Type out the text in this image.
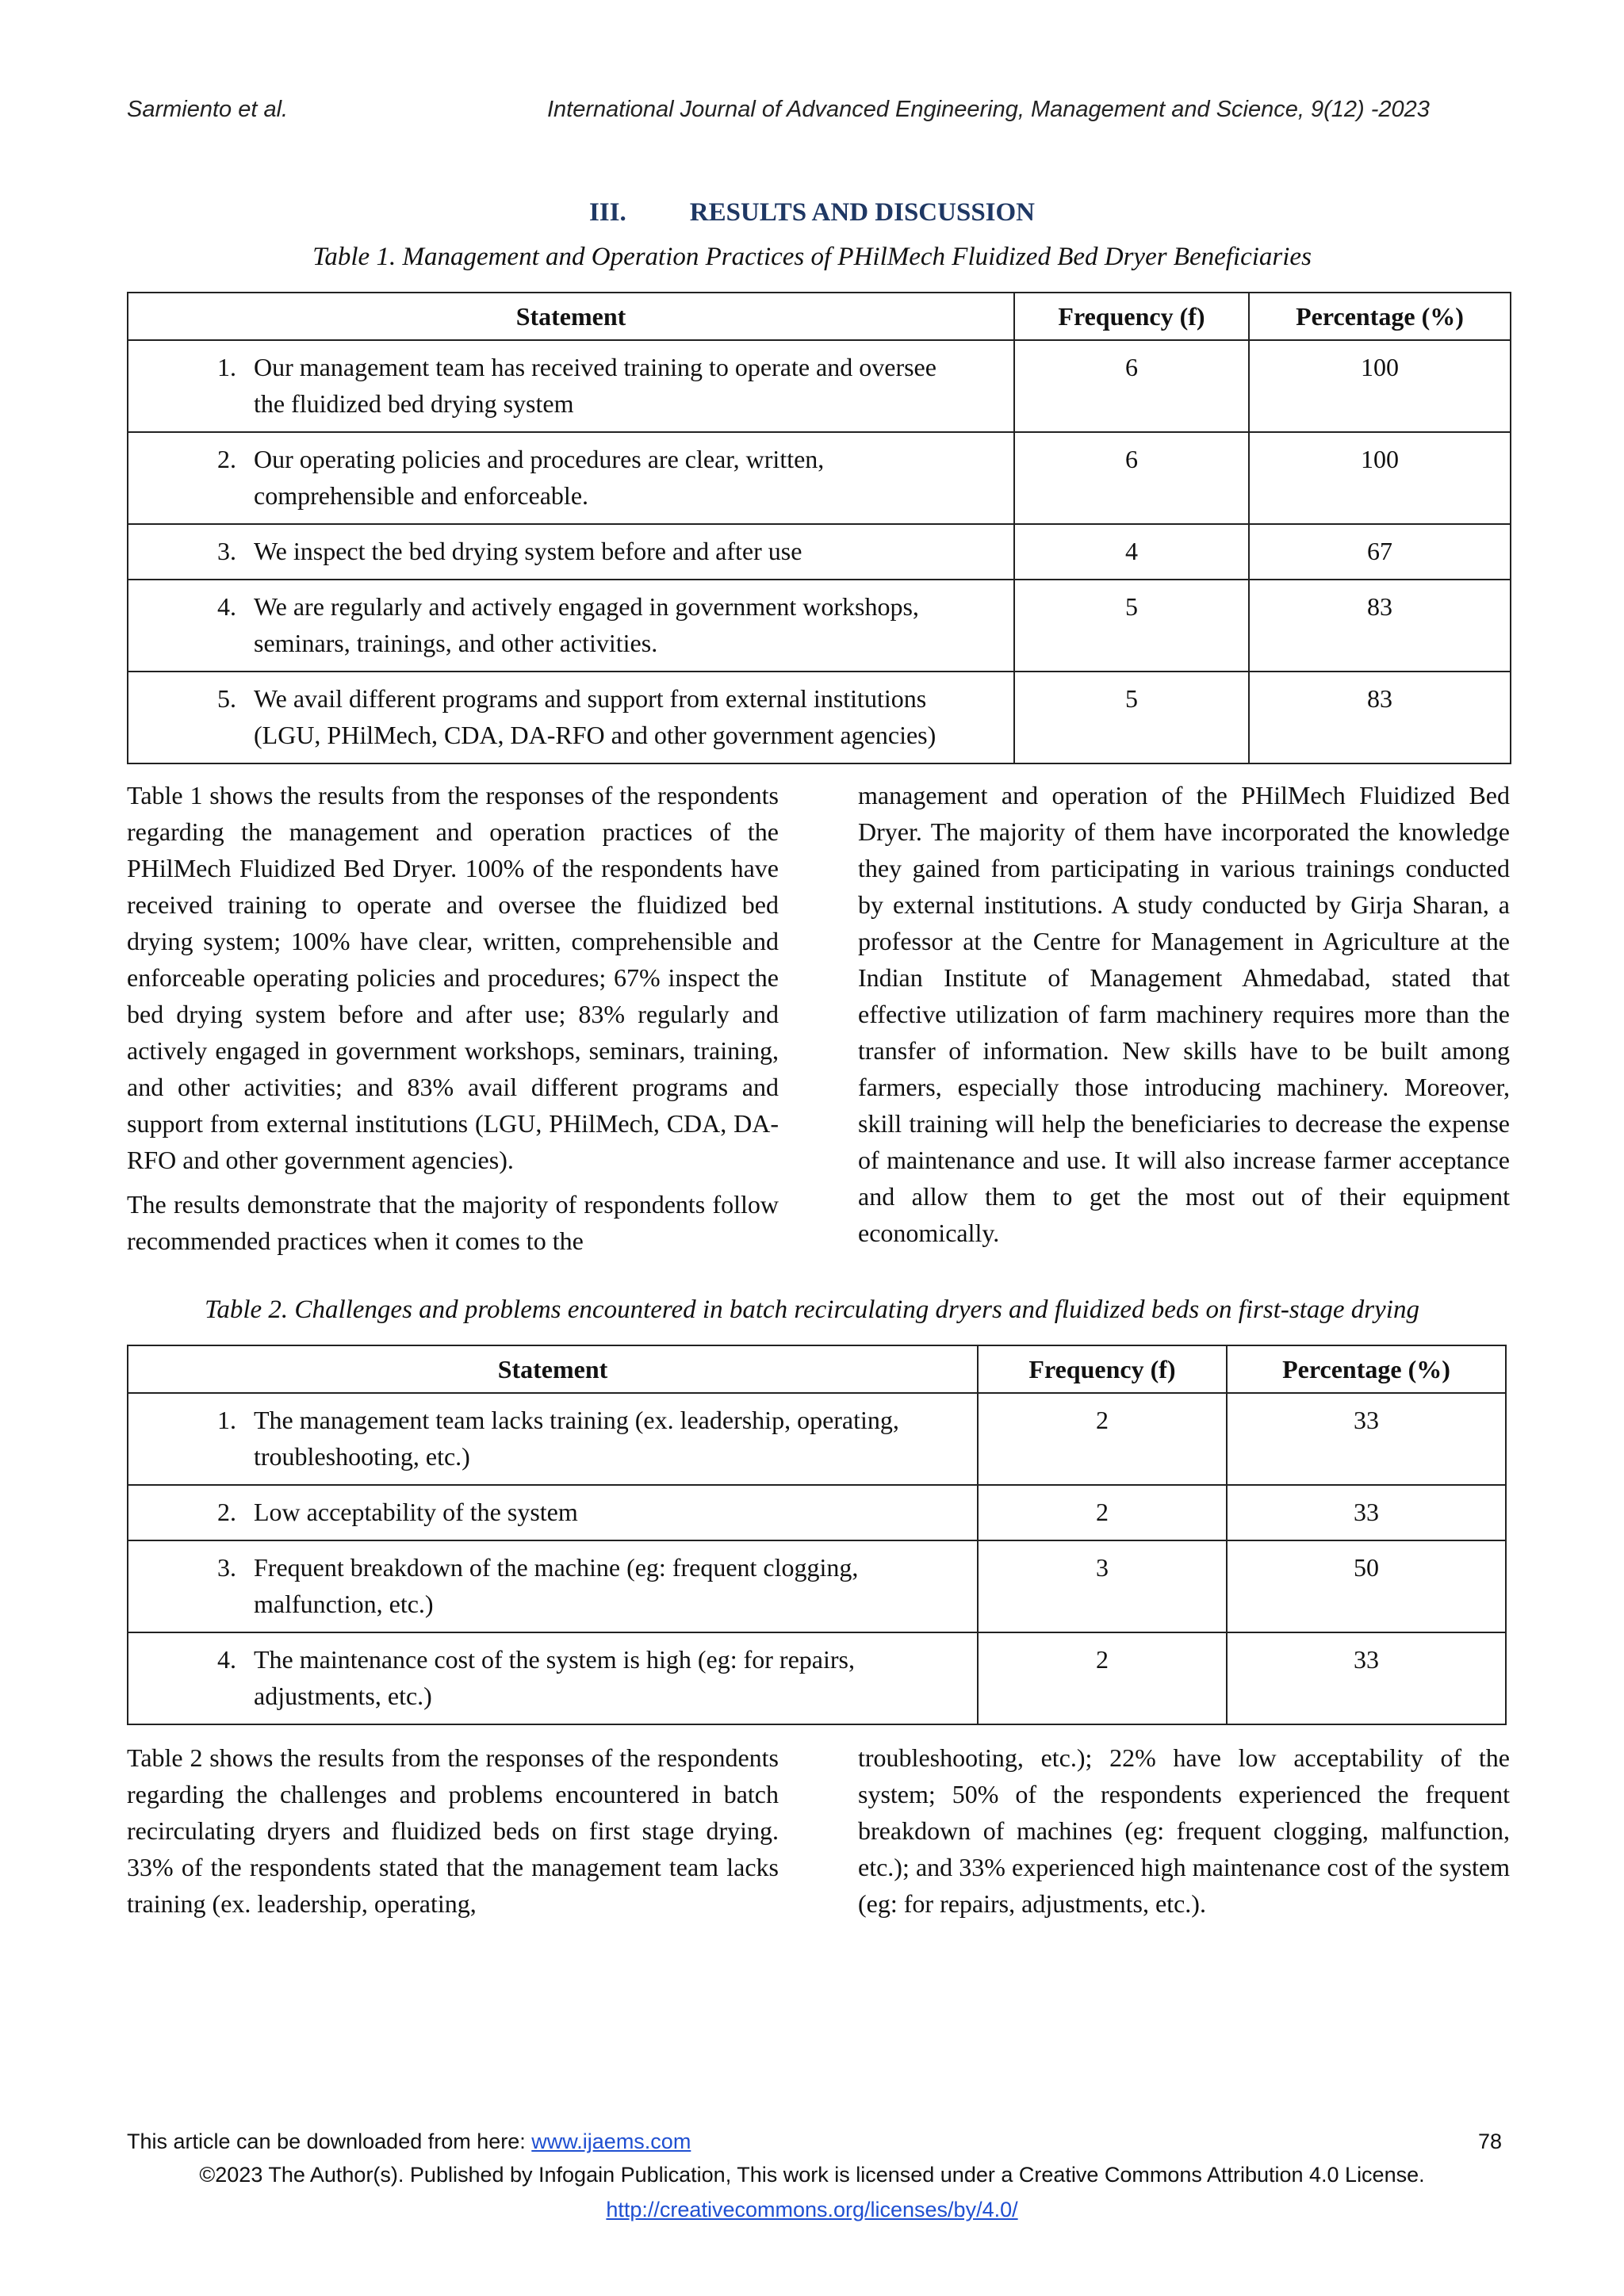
Sarmiento et al.	International Journal of Advanced Engineering, Management and Science, 9(12) -2023
III. RESULTS AND DISCUSSION
Table 1. Management and Operation Practices of PHilMech Fluidized Bed Dryer Beneficiaries
Statement	Frequency (f)	Percentage (%)

1. Our management team has received training to operate and oversee
the fluidized bed drying system	6	100

2. Our operating policies and procedures are clear, written,
comprehensible and enforceable.	6	100

3. We inspect the bed drying system before and after use	4	67

4. We are regularly and actively engaged in government workshops,
seminars, trainings, and other activities.	5	83

5. We avail different programs and support from external institutions
(LGU, PHilMech, CDA, DA-RFO and other government agencies)	5	83

Table 1 shows the results from the responses of the respondents regarding the management and operation practices of the PHilMech Fluidized Bed Dryer. 100% of the respondents have received training to operate and oversee the fluidized bed drying system; 100% have clear, written, comprehensible and enforceable operating policies and procedures; 67% inspect the bed drying system before and after use; 83% regularly and actively engaged in government workshops, seminars, training, and other activities; and 83% avail different programs and support from external institutions (LGU, PHilMech, CDA, DA-RFO and other government agencies).

The results demonstrate that the majority of respondents follow recommended practices when it comes to the

management and operation of the PHilMech Fluidized Bed Dryer. The majority of them have incorporated the knowledge they gained from participating in various trainings conducted by external institutions. A study conducted by Girja Sharan, a professor at the Centre for Management in Agriculture at the Indian Institute of Management Ahmedabad, stated that effective utilization of farm machinery requires more than the transfer of information. New skills have to be built among farmers, especially those introducing machinery. Moreover, skill training will help the beneficiaries to decrease the expense of maintenance and use. It will also increase farmer acceptance and allow them to get the most out of their equipment economically.

Table 2. Challenges and problems encountered in batch recirculating dryers and fluidized beds on first-stage drying
Statement	Frequency (f)	Percentage (%)

1. The management team lacks training (ex. leadership, operating,
troubleshooting, etc.)	2	33

2. Low acceptability of the system	2	33

3. Frequent breakdown of the machine (eg: frequent clogging,
malfunction, etc.)	3	50

4. The maintenance cost of the system is high (eg: for repairs,
adjustments, etc.)	2	33

Table 2 shows the results from the responses of the respondents regarding the challenges and problems encountered in batch recirculating dryers and fluidized beds on first stage drying. 33% of the respondents stated that the management team lacks training (ex. leadership, operating,

troubleshooting, etc.); 22% have low acceptability of the system; 50% of the respondents experienced the frequent breakdown of machines (eg: frequent clogging, malfunction, etc.); and 33% experienced high maintenance cost of the system (eg: for repairs, adjustments, etc.).

This article can be downloaded from here: www.ijaems.com	78
©2023 The Author(s). Published by Infogain Publication, This work is licensed under a Creative Commons Attribution 4.0 License.
http://creativecommons.org/licenses/by/4.0/
